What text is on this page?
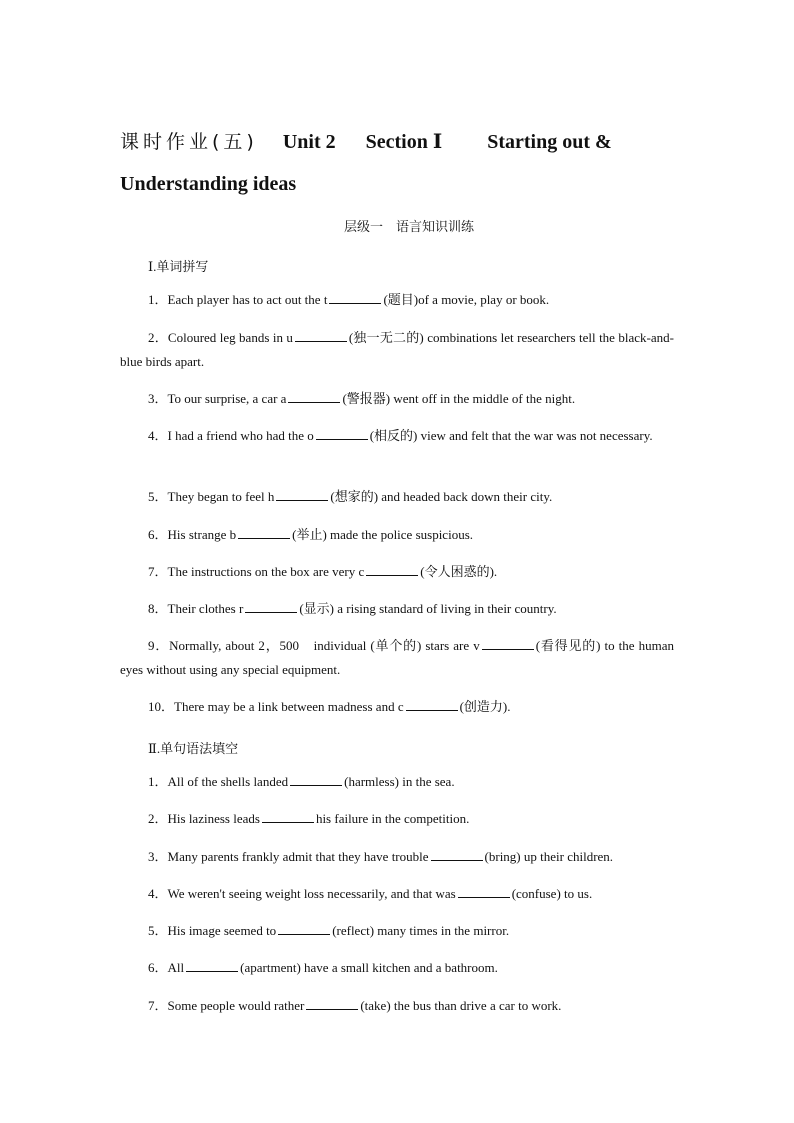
课时作业(五) Unit 2 Section Ⅰ Starting out &
Understanding ideas
层级一　语言知识训练
Ⅰ.单词拼写
1．Each player has to act out the t	(题目)of a movie, play or book.
2．Coloured leg bands in u	(独一无二的) combinations let researchers tell the black-and-blue birds apart.
3．To our surprise, a car a	(警报器) went off in the middle of the night.
4．I had a friend who had the o	(相反的) view and felt that the war was not necessary.
5．They began to feel h	(想家的) and headed back down their city.
6．His strange b	(举止) made the police suspicious.
7．The instructions on the box are very c	(令人困惑的).
8．Their clothes r	(显示) a rising standard of living in their country.
9．Normally, about 2，500　individual (单个的) stars are v	(看得见的) to the human eyes without using any special equipment.
10．There may be a link between madness and c	(创造力).
Ⅱ.单句语法填空
1．All of the shells landed	(harmless) in the sea.
2．His laziness leads	his failure in the competition.
3．Many parents frankly admit that they have trouble	(bring) up their children.
4．We weren't seeing weight loss necessarily, and that was	(confuse) to us.
5．His image seemed to	(reflect) many times in the mirror.
6．All	(apartment) have a small kitchen and a bathroom.
7．Some people would rather	(take) the bus than drive a car to work.
